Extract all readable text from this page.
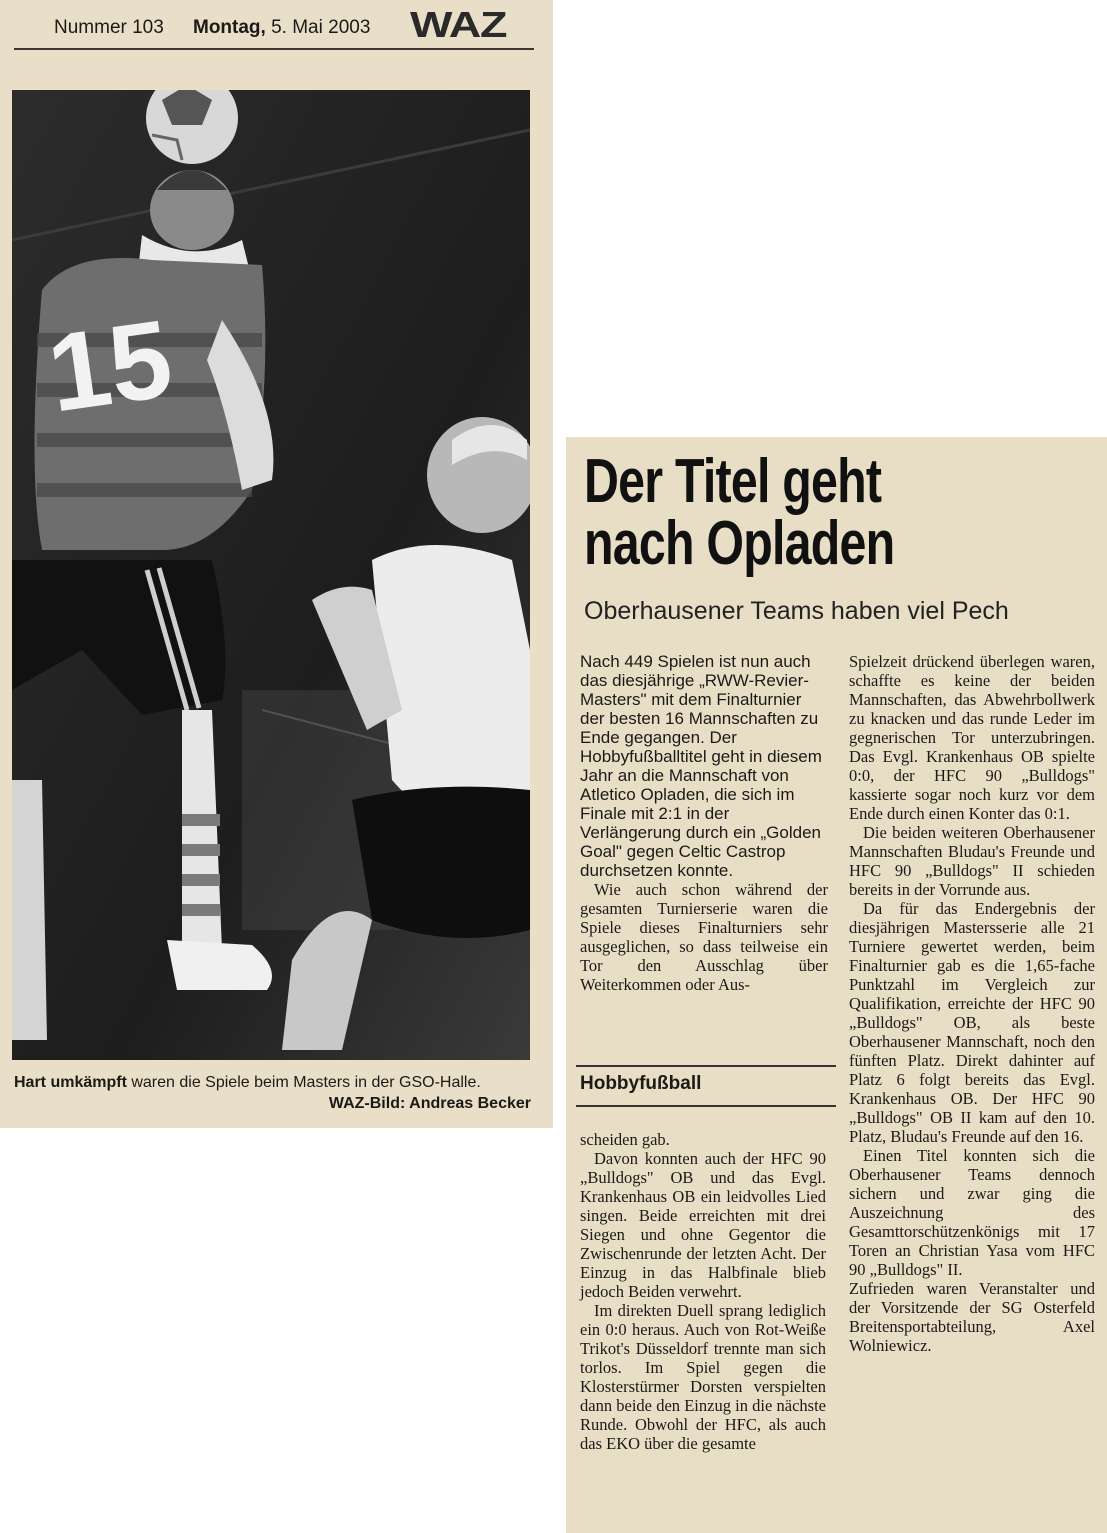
Nummer 103 Montag, 5. Mai 2003 WAZ
15
Hart umkämpft waren die Spiele beim Masters in der GSO-Halle.
WAZ-Bild: Andreas Becker
Der Titel geht
nach Opladen
Oberhausener Teams haben viel Pech

Nach 449 Spielen ist nun auch das diesjährige „RWW-Revier-Masters" mit dem Finalturnier der besten 16 Mannschaften zu Ende gegangen. Der Hobbyfußballtitel geht in diesem Jahr an die Mannschaft von Atletico Opladen, die sich im Finale mit 2:1 in der Verlängerung durch ein „Golden Goal" gegen Celtic Castrop durchsetzen konnte.

Wie auch schon während der gesamten Turnierserie waren die Spiele dieses Finalturniers sehr ausgeglichen, so dass teilweise ein Tor den Ausschlag über Weiterkommen oder Aus-

Hobbyfußball

scheiden gab.

Davon konnten auch der HFC 90 „Bulldogs" OB und das Evgl. Krankenhaus OB ein leidvolles Lied singen. Beide erreichten mit drei Siegen und ohne Gegentor die Zwischenrunde der letzten Acht. Der Einzug in das Halbfinale blieb jedoch Beiden verwehrt.

Im direkten Duell sprang lediglich ein 0:0 heraus. Auch von Rot-Weiße Trikot's Düsseldorf trennte man sich torlos. Im Spiel gegen die Klosterstürmer Dorsten verspielten dann beide den Einzug in die nächste Runde. Obwohl der HFC, als auch das EKO über die gesamte

Spielzeit drückend überlegen waren, schaffte es keine der beiden Mannschaften, das Abwehrbollwerk zu knacken und das runde Leder im gegnerischen Tor unterzubringen. Das Evgl. Krankenhaus OB spielte 0:0, der HFC 90 „Bulldogs" kassierte sogar noch kurz vor dem Ende durch einen Konter das 0:1.

Die beiden weiteren Oberhausener Mannschaften Bludau's Freunde und HFC 90 „Bulldogs" II schieden bereits in der Vorrunde aus.

Da für das Endergebnis der diesjährigen Mastersserie alle 21 Turniere gewertet werden, beim Finalturnier gab es die 1,65-fache Punktzahl im Vergleich zur Qualifikation, erreichte der HFC 90 „Bulldogs" OB, als beste Oberhausener Mannschaft, noch den fünften Platz. Direkt dahinter auf Platz 6 folgt bereits das Evgl. Krankenhaus OB. Der HFC 90 „Bulldogs" OB II kam auf den 10. Platz, Bludau's Freunde auf den 16.

Einen Titel konnten sich die Oberhausener Teams dennoch sichern und zwar ging die Auszeichnung des Gesamttorschützenkönigs mit 17 Toren an Christian Yasa vom HFC 90 „Bulldogs" II.

Zufrieden waren Veranstalter und der Vorsitzende der SG Osterfeld Breitensportabteilung, Axel Wolniewicz.
